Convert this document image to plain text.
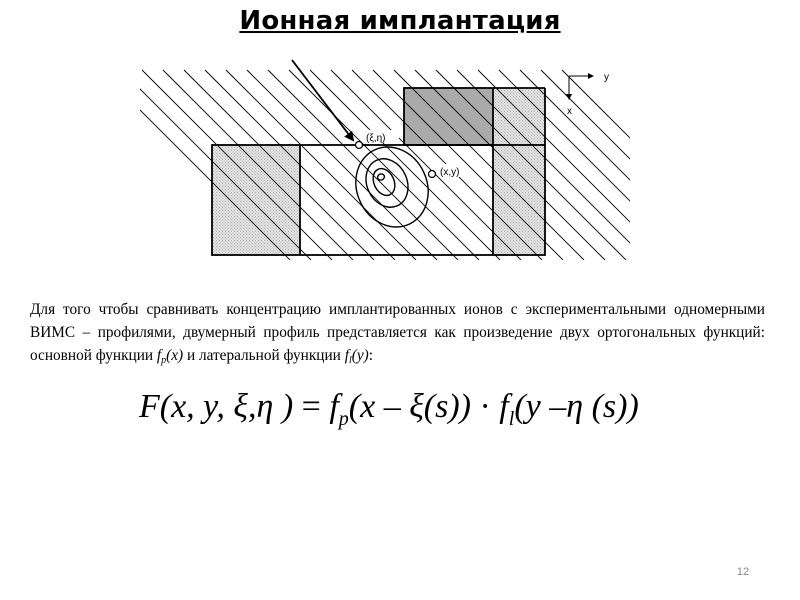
Ионная имплантация
(ξ,η)
(x,y)
y
x
Для того чтобы сравнивать концентрацию имплантированных ионов с экспериментальными одномерными ВИМС – профилями, двумерный профиль представляется как произведение двух ортогональных функций: основной функции $f_p(x)$ и латеральной функции $f_l(y)$:
F(x, y, ξ,η ) = $f_p(x - \xi(s)) \cdot f_l(y$ –η (s))
12
